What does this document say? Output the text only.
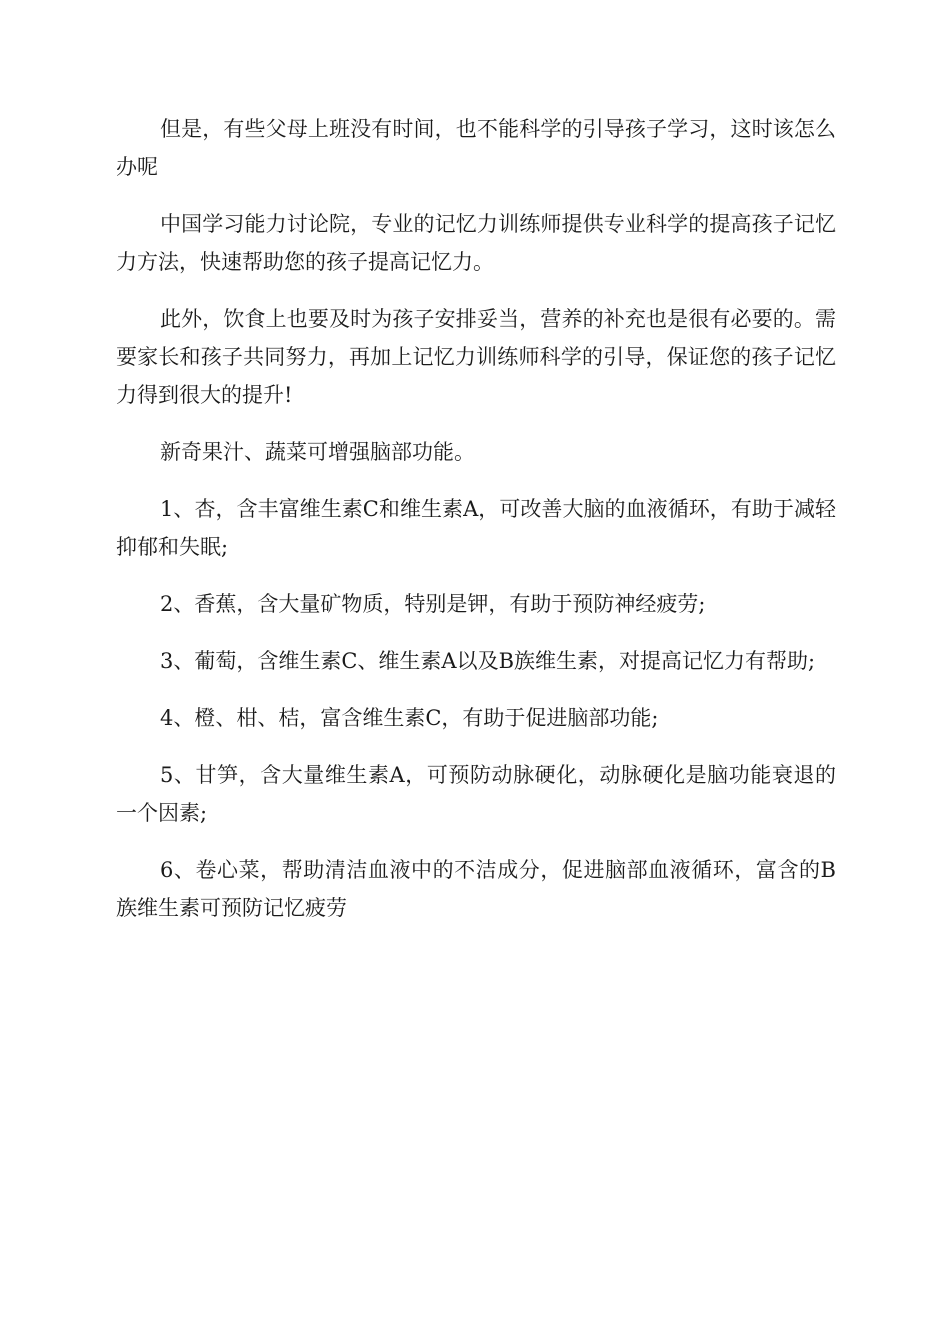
但是，有些父母上班没有时间，也不能科学的引导孩子学习，这时该怎么办呢

中国学习能力讨论院，专业的记忆力训练师提供专业科学的提高孩子记忆力方法，快速帮助您的孩子提高记忆力。

此外，饮食上也要及时为孩子安排妥当，营养的补充也是很有必要的。需要家长和孩子共同努力，再加上记忆力训练师科学的引导，保证您的孩子记忆力得到很大的提升!

新奇果汁、蔬菜可增强脑部功能。

1、杏，含丰富维生素C和维生素A，可改善大脑的血液循环，有助于减轻抑郁和失眠;

2、香蕉，含大量矿物质，特别是钾，有助于预防神经疲劳;

3、葡萄，含维生素C、维生素A以及B族维生素，对提高记忆力有帮助;

4、橙、柑、桔，富含维生素C，有助于促进脑部功能;

5、甘笋，含大量维生素A，可预防动脉硬化，动脉硬化是脑功能衰退的一个因素;

6、卷心菜，帮助清洁血液中的不洁成分，促进脑部血液循环，富含的B族维生素可预防记忆疲劳
